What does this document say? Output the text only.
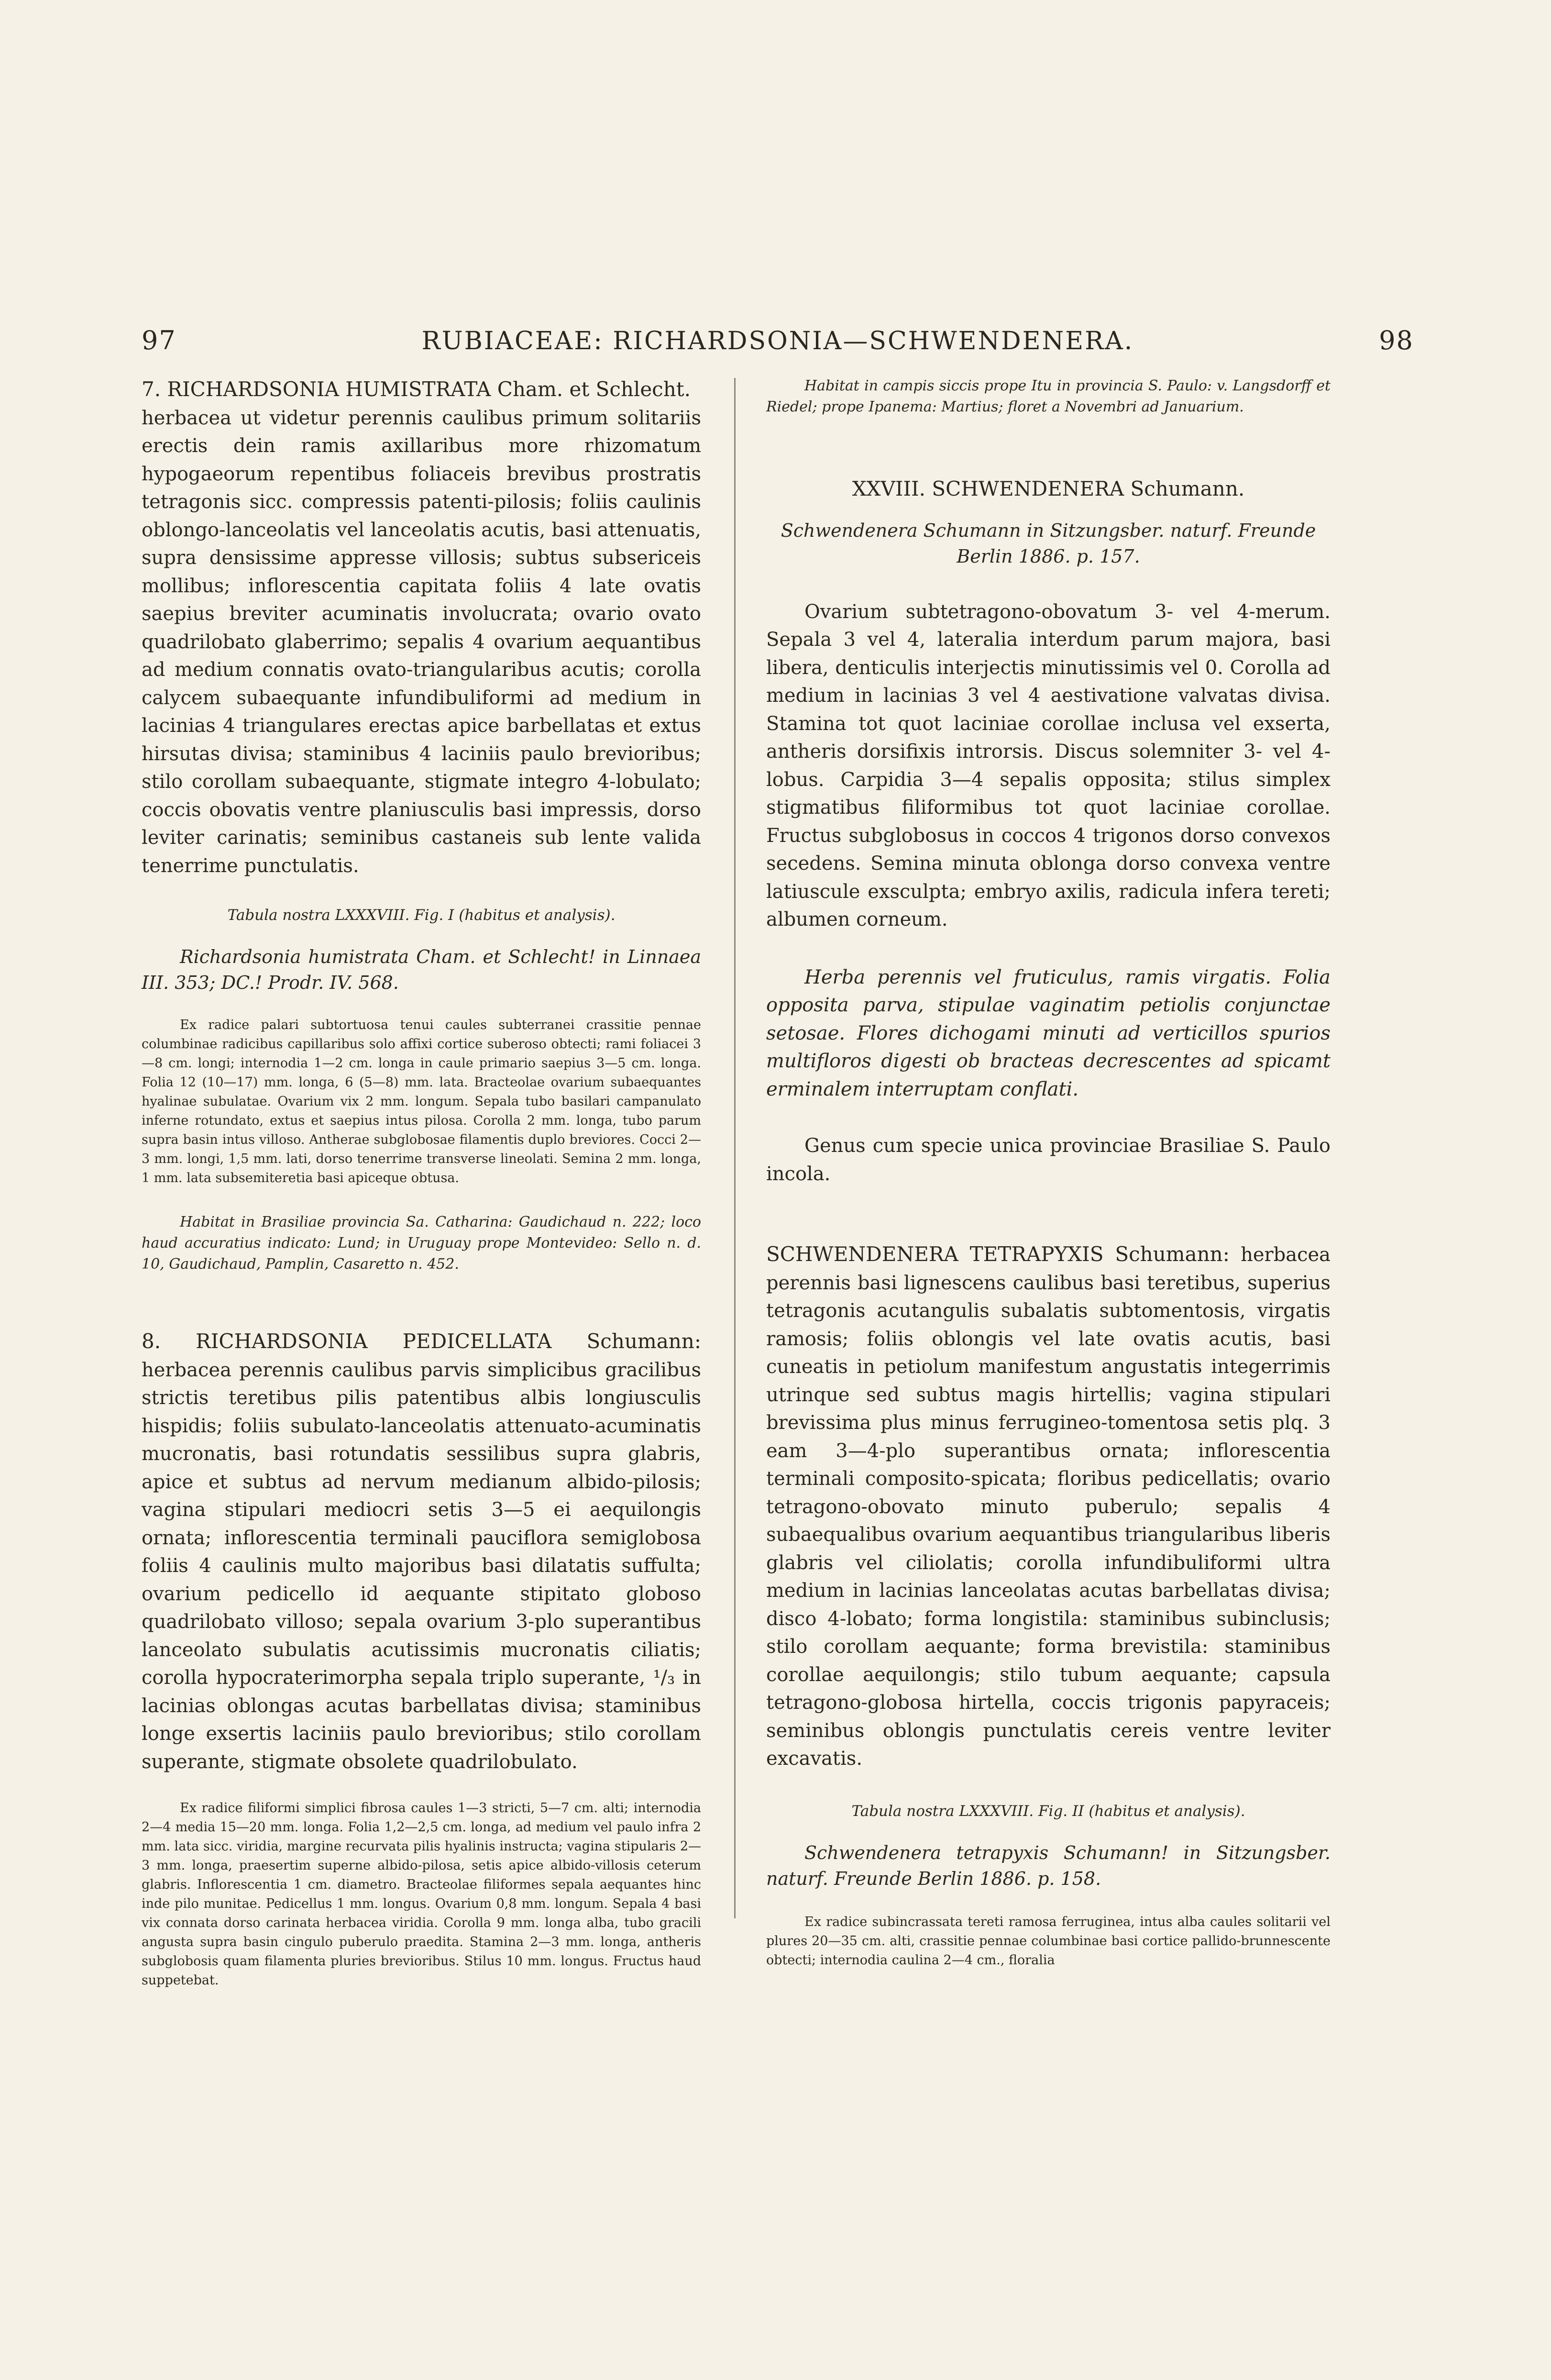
97	RUBIACEAE: RICHARDSONIA—SCHWENDENERA.	98

7. RICHARDSONIA HUMISTRATA Cham. et Schlecht.
herbacea ut videtur perennis caulibus primum solitariis erectis dein ramis axillaribus more rhizomatum hypogaeorum repentibus foliaceis brevibus prostratis tetragonis sicc. compressis patenti-pilosis; foliis caulinis oblongo-lanceolatis vel lanceolatis acutis, basi attenuatis, supra densissime appresse villosis; subtus subsericeis mollibus; inflorescentia capitata foliis 4 late ovatis saepius breviter acuminatis involucrata; ovario ovato quadrilobato glaberrimo; sepalis 4 ovarium aequantibus ad medium connatis ovato-triangularibus acutis; corolla calycem subaequante infundibuliformi ad medium in lacinias 4 triangulares erectas apice barbellatas et extus hirsutas divisa; staminibus 4 laciniis paulo brevioribus; stilo corollam subaequante, stigmate integro 4-lobulato; coccis obovatis ventre planiusculis basi impressis, dorso leviter carinatis; seminibus castaneis sub lente valida tenerrime punctulatis.

Tabula nostra LXXXVIII. Fig. I (habitus et analysis).

Richardsonia humistrata Cham. et Schlecht! in Linnaea III. 353; DC.! Prodr. IV. 568.

Ex radice palari subtortuosa tenui caules subterranei crassitie pennae columbinae radicibus capillaribus solo affixi cortice suberoso obtecti; rami foliacei 3—8 cm. longi; internodia 1—2 cm. longa in caule primario saepius 3—5 cm. longa. Folia 12 (10—17) mm. longa, 6 (5—8) mm. lata. Bracteolae ovarium subaequantes hyalinae subulatae. Ovarium vix 2 mm. longum. Sepala tubo basilari campanulato inferne rotundato, extus et saepius intus pilosa. Corolla 2 mm. longa, tubo parum supra basin intus villoso. Antherae subglobosae filamentis duplo breviores. Cocci 2—3 mm. longi, 1,5 mm. lati, dorso tenerrime transverse lineolati. Semina 2 mm. longa, 1 mm. lata subsemiteretia basi apiceque obtusa.

Habitat in Brasiliae provincia Sa. Catharina: Gaudichaud n. 222; loco haud accuratius indicato: Lund; in Uruguay prope Montevideo: Sello n. d. 10, Gaudichaud, Pamplin, Casaretto n. 452.

8. RICHARDSONIA PEDICELLATA Schumann: herbacea perennis caulibus parvis simplicibus gracilibus strictis teretibus pilis patentibus albis longiusculis hispidis; foliis subulato-lanceolatis attenuato-acuminatis mucronatis, basi rotundatis sessilibus supra glabris, apice et subtus ad nervum medianum albido-pilosis; vagina stipulari mediocri setis 3—5 ei aequilongis ornata; inflorescentia terminali pauciflora semiglobosa foliis 4 caulinis multo majoribus basi dilatatis suffulta; ovarium pedicello id aequante stipitato globoso quadrilobato villoso; sepala ovarium 3-plo superantibus lanceolato subulatis acutissimis mucronatis ciliatis; corolla hypocraterimorpha sepala triplo superante, ¹/₃ in lacinias oblongas acutas barbellatas divisa; staminibus longe exsertis laciniis paulo brevioribus; stilo corollam superante, stigmate obsolete quadrilobulato.

Ex radice filiformi simplici fibrosa caules 1—3 stricti, 5—7 cm. alti; internodia 2—4 media 15—20 mm. longa. Folia 1,2—2,5 cm. longa, ad medium vel paulo infra 2 mm. lata sicc. viridia, margine recurvata pilis hyalinis instructa; vagina stipularis 2—3 mm. longa, praesertim superne albido-pilosa, setis apice albido-villosis ceterum glabris. Inflorescentia 1 cm. diametro. Bracteolae filiformes sepala aequantes hinc inde pilo munitae. Pedicellus 1 mm. longus. Ovarium 0,8 mm. longum. Sepala 4 basi vix connata dorso carinata herbacea viridia. Corolla 9 mm. longa alba, tubo gracili angusta supra basin cingulo puberulo praedita. Stamina 2—3 mm. longa, antheris subglobosis quam filamenta pluries brevioribus. Stilus 10 mm. longus. Fructus haud suppetebat.

Habitat in campis siccis prope Itu in provincia S. Paulo: v. Langsdorff et Riedel; prope Ipanema: Martius; floret a Novembri ad Januarium.

XXVIII. SCHWENDENERA Schumann.

Schwendenera Schumann in Sitzungsber. naturf. Freunde Berlin 1886. p. 157.

Ovarium subtetragono-obovatum 3- vel 4-merum. Sepala 3 vel 4, lateralia interdum parum majora, basi libera, denticulis interjectis minutissimis vel 0. Corolla ad medium in lacinias 3 vel 4 aestivatione valvatas divisa. Stamina tot quot laciniae corollae inclusa vel exserta, antheris dorsifixis introrsis. Discus solemniter 3- vel 4-lobus. Carpidia 3—4 sepalis opposita; stilus simplex stigmatibus filiformibus tot quot laciniae corollae. Fructus subglobosus in coccos 4 trigonos dorso convexos secedens. Semina minuta oblonga dorso convexa ventre latiuscule exsculpta; embryo axilis, radicula infera tereti; albumen corneum.

Herba perennis vel fruticulus, ramis virgatis. Folia opposita parva, stipulae vaginatim petiolis conjunctae setosae. Flores dichogami minuti ad verticillos spurios multifloros digesti ob bracteas decrescentes ad spicamt erminalem interruptam conflati.

Genus cum specie unica provinciae Brasiliae S. Paulo incola.

SCHWENDENERA TETRAPYXIS Schumann: herbacea perennis basi lignescens caulibus basi teretibus, superius tetragonis acutangulis subalatis subtomentosis, virgatis ramosis; foliis oblongis vel late ovatis acutis, basi cuneatis in petiolum manifestum angustatis integerrimis utrinque sed subtus magis hirtellis; vagina stipulari brevissima plus minus ferrugineo-tomentosa setis plq. 3 eam 3—4-plo superantibus ornata; inflorescentia terminali composito-spicata; floribus pedicellatis; ovario tetragono-obovato minuto puberulo; sepalis 4 subaequalibus ovarium aequantibus triangularibus liberis glabris vel ciliolatis; corolla infundibuliformi ultra medium in lacinias lanceolatas acutas barbellatas divisa; disco 4-lobato; forma longistila: staminibus subinclusis; stilo corollam aequante; forma brevistila: staminibus corollae aequilongis; stilo tubum aequante; capsula tetragono-globosa hirtella, coccis trigonis papyraceis; seminibus oblongis punctulatis cereis ventre leviter excavatis.

Tabula nostra LXXXVIII. Fig. II (habitus et analysis).

Schwendenera tetrapyxis Schumann! in Sitzungsber. naturf. Freunde Berlin 1886. p. 158.

Ex radice subincrassata tereti ramosa ferruginea, intus alba caules solitarii vel plures 20—35 cm. alti, crassitie pennae columbinae basi cortice pallido-brunnescente obtecti; internodia caulina 2—4 cm., floralia
